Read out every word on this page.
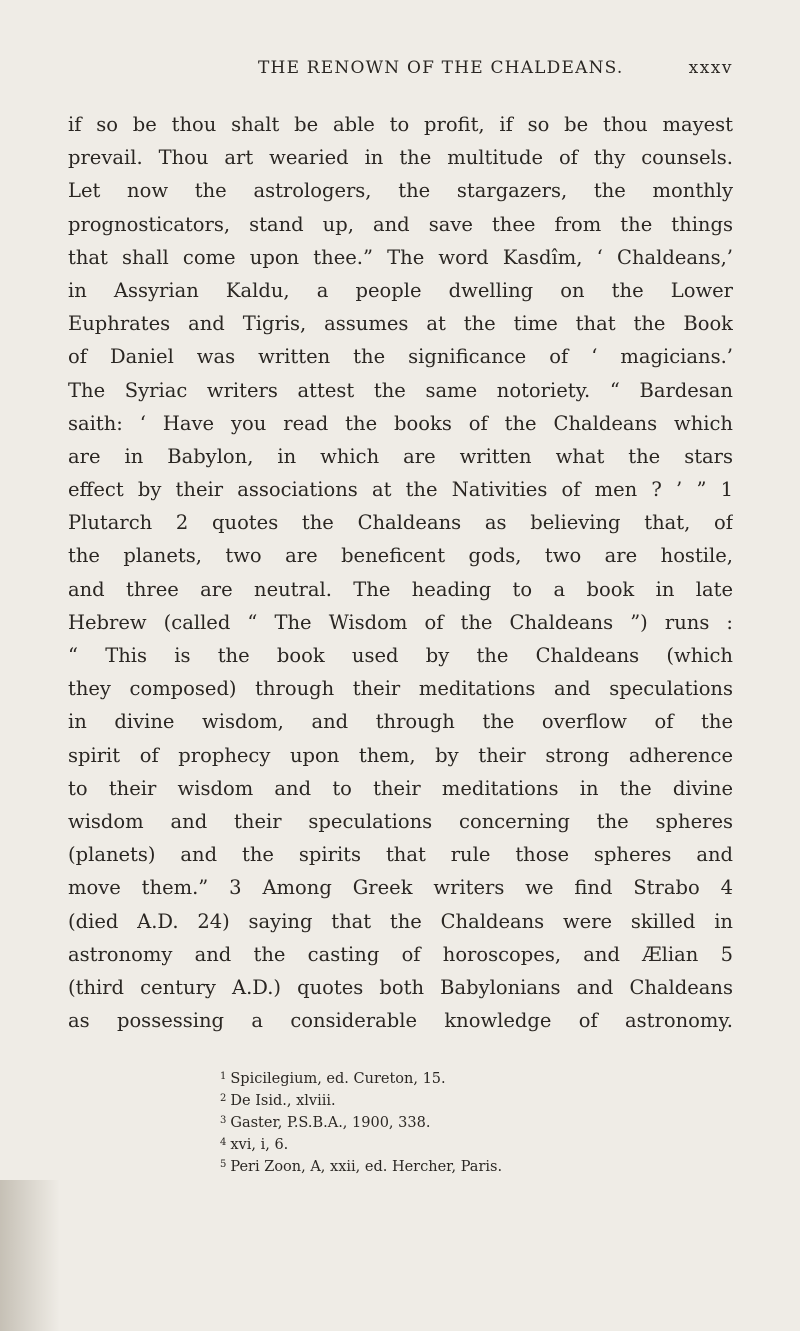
THE RENOWN OF THE CHALDEANS.	xxxv
if so be thou shalt be able to profit, if so be thou mayest
prevail. Thou art wearied in the multitude of thy counsels.
Let now the astrologers, the stargazers, the monthly
prognosticators, stand up, and save thee from the things
that shall come upon thee.” The word Kasdîm, ‘ Chaldeans,’
in Assyrian Kaldu, a people dwelling on the Lower
Euphrates and Tigris, assumes at the time that the Book
of Daniel was written the significance of ‘ magicians.’
The Syriac writers attest the same notoriety. “ Bardesan
saith: ‘ Have you read the books of the Chaldeans which
are in Babylon, in which are written what the stars
effect by their associations at the Nativities of men ? ’ ” 1
Plutarch 2 quotes the Chaldeans as believing that, of
the planets, two are beneficent gods, two are hostile,
and three are neutral. The heading to a book in late
Hebrew (called “ The Wisdom of the Chaldeans ”) runs :
“ This is the book used by the Chaldeans (which
they composed) through their meditations and speculations
in divine wisdom, and through the overflow of the
spirit of prophecy upon them, by their strong adherence
to their wisdom and to their meditations in the divine
wisdom and their speculations concerning the spheres
(planets) and the spirits that rule those spheres and
move them.” 3 Among Greek writers we find Strabo 4
(died A.D. 24) saying that the Chaldeans were skilled in
astronomy and the casting of horoscopes, and Ælian 5
(third century A.D.) quotes both Babylonians and Chaldeans
as possessing a considerable knowledge of astronomy.
$^1$ Spicilegium, ed. Cureton, 15.
$^2$ De Isid., xlviii.
$^3$ Gaster, P.S.B.A., 1900, 338.
$^4$ xvi, i, 6.
$^5$ Peri Zoon, A, xxii, ed. Hercher, Paris.
